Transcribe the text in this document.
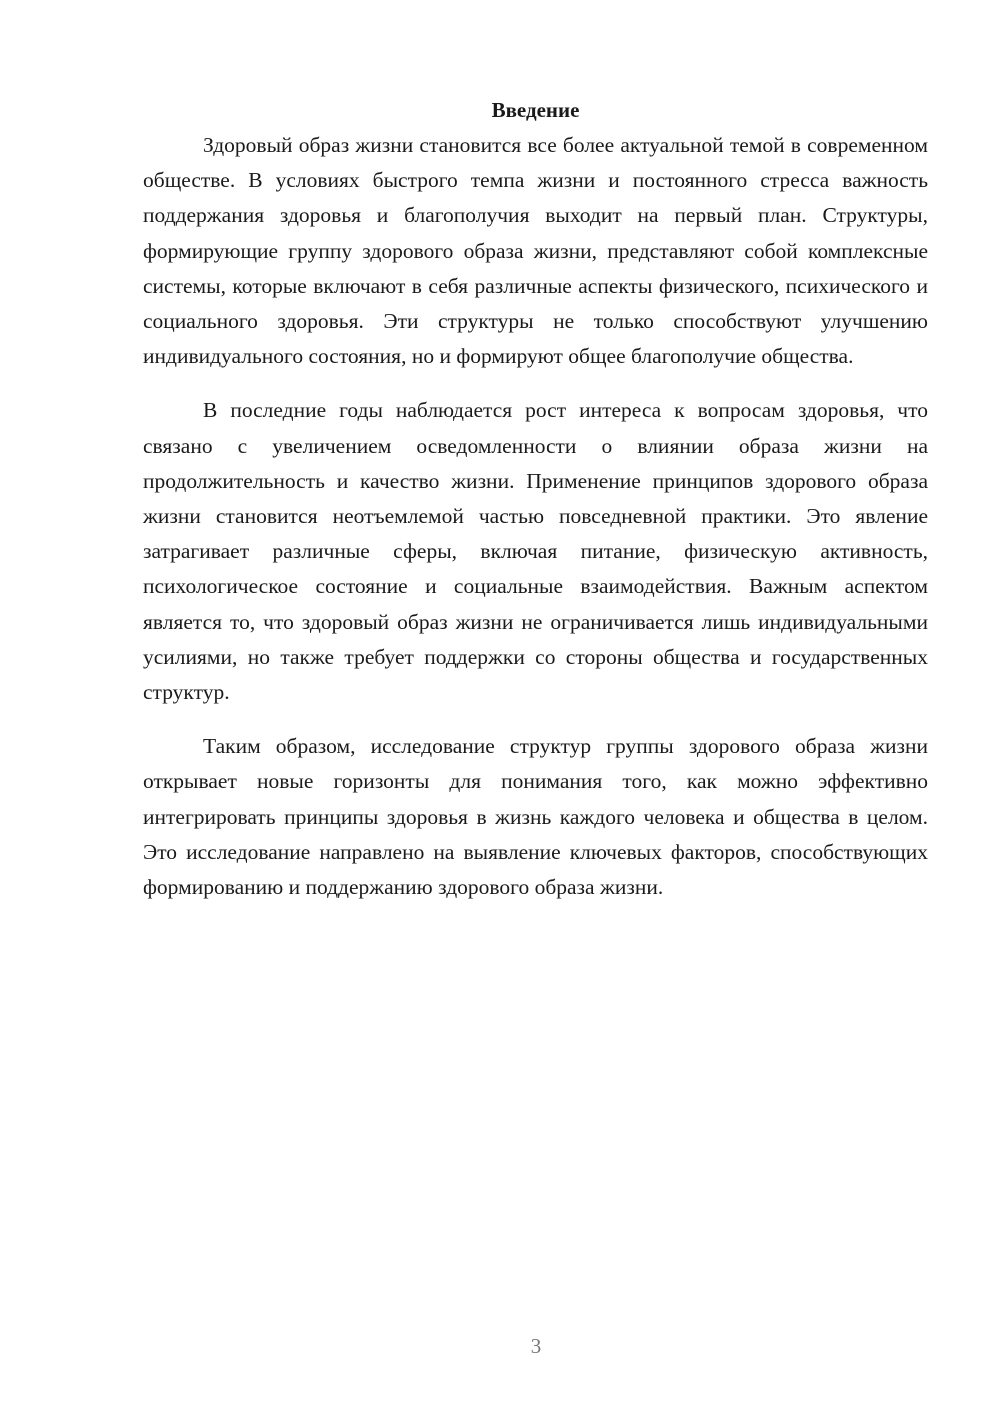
Введение

Здоровый образ жизни становится все более актуальной темой в современном обществе. В условиях быстрого темпа жизни и постоянного стресса важность поддержания здоровья и благополучия выходит на первый план. Структуры, формирующие группу здорового образа жизни, представляют собой комплексные системы, которые включают в себя различные аспекты физического, психического и социального здоровья. Эти структуры не только способствуют улучшению индивидуального состояния, но и формируют общее благополучие общества.

В последние годы наблюдается рост интереса к вопросам здоровья, что связано с увеличением осведомленности о влиянии образа жизни на продолжительность и качество жизни. Применение принципов здорового образа жизни становится неотъемлемой частью повседневной практики. Это явление затрагивает различные сферы, включая питание, физическую активность, психологическое состояние и социальные взаимодействия. Важным аспектом является то, что здоровый образ жизни не ограничивается лишь индивидуальными усилиями, но также требует поддержки со стороны общества и государственных структур.

Таким образом, исследование структур группы здорового образа жизни открывает новые горизонты для понимания того, как можно эффективно интегрировать принципы здоровья в жизнь каждого человека и общества в целом. Это исследование направлено на выявление ключевых факторов, способствующих формированию и поддержанию здорового образа жизни.

3
